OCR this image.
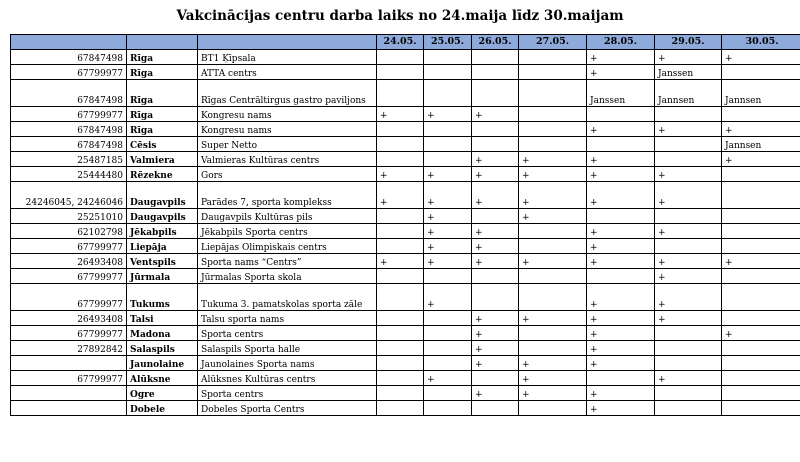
Vakcinācijas centru darba laiks no 24.maija līdz 30.maijam
			24.05.	25.05.	26.05.	27.05.	28.05.	29.05.	30.05.
67847498	Rīga	BT1 Ķīpsala					+	+	+
67799977	Rīga	ATTA centrs					+	Janssen	
67847498	Rīga	Rīgas Centrāltirgus gastro paviljons					Janssen	Jannsen	Jannsen
67799977	Rīga	Kongresu nams	+	+	+				
67847498	Rīga	Kongresu nams					+	+	+
67847498	Cēsis	Super Netto							Jannsen
25487185	Valmiera	Valmieras Kultūras centrs			+	+	+		+
25444480	Rēzekne	Gors	+	+	+	+	+	+	
24246045, 24246046	Daugavpils	Parādes 7, sporta komplekss	+	+	+	+	+	+	
25251010	Daugavpils	Daugavpils Kultūras pils		+		+			
62102798	Jēkabpils	Jēkabpils Sporta centrs		+	+		+	+	
67799977	Liepāja	Liepājas Olimpiskais centrs		+	+		+		
26493408	Ventspils	Sporta nams “Centrs”	+	+	+	+	+	+	+
67799977	Jūrmala	Jūrmalas Sporta skola						+	
67799977	Tukums	Tukuma 3. pamatskolas sporta zāle		+			+	+	
26493408	Talsi	Talsu sporta nams			+	+	+	+	
67799977	Madona	Sporta centrs			+		+		+
27892842	Salaspils	Salaspils Sporta halle			+		+		
	Jaunolaine	Jaunolaines Sporta nams			+	+	+		
67799977	Alūksne	Alūksnes Kultūras centrs		+		+		+	
	Ogre	Sporta centrs			+	+	+		
	Dobele	Dobeles Sporta Centrs					+		
